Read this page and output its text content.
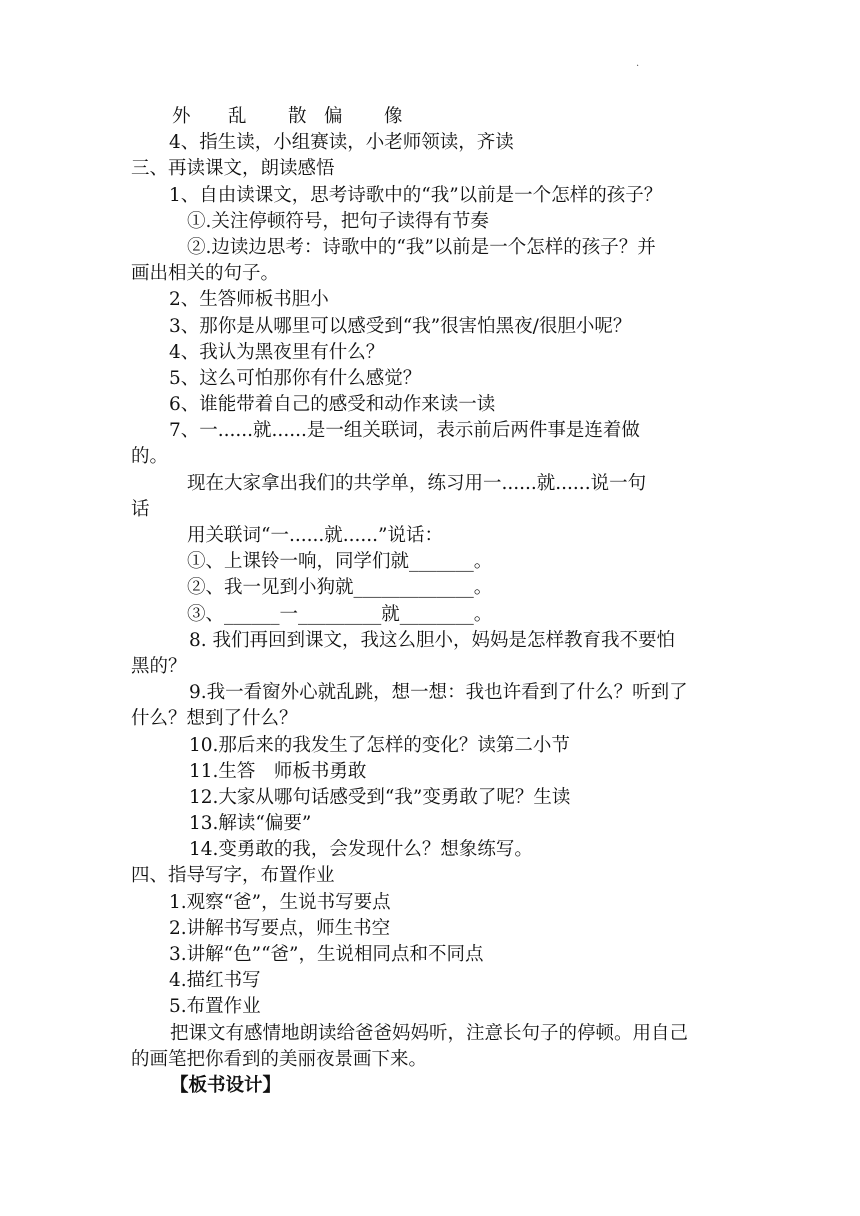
.
外 乱 散 偏 像
4、指生读，小组赛读，小老师领读，齐读
三、再读课文，朗读感悟
1、自由读课文，思考诗歌中的“我”以前是一个怎样的孩子？
①.关注停顿符号，把句子读得有节奏
②.边读边思考：诗歌中的“我”以前是一个怎样的孩子？并
画出相关的句子。
2、生答师板书胆小
3、那你是从哪里可以感受到“我”很害怕黑夜/很胆小呢？
4、我认为黑夜里有什么？
5、这么可怕那你有什么感觉？
6、谁能带着自己的感受和动作来读一读
7、一......就......是一组关联词，表示前后两件事是连着做
的。
现在大家拿出我们的共学单，练习用一......就......说一句
话
用关联词“一......就......”说话：
①、上课铃一响，同学们就_______。
②、我一见到小狗就_____________。
③、______一_________就________。
8. 我们再回到课文，我这么胆小，妈妈是怎样教育我不要怕
黑的？
9.我一看窗外心就乱跳，想一想：我也许看到了什么？听到了
什么？想到了什么？
10.那后来的我发生了怎样的变化？读第二小节
11.生答　师板书勇敢
12.大家从哪句话感受到“我”变勇敢了呢？生读
13.解读“偏要”
14.变勇敢的我，会发现什么？想象练写。
四、指导写字，布置作业
1.观察“爸”，生说书写要点
2.讲解书写要点，师生书空
3.讲解“色”“爸”，生说相同点和不同点
4.描红书写
5.布置作业
把课文有感情地朗读给爸爸妈妈听，注意长句子的停顿。用自己
的画笔把你看到的美丽夜景画下来。
【板书设计】
